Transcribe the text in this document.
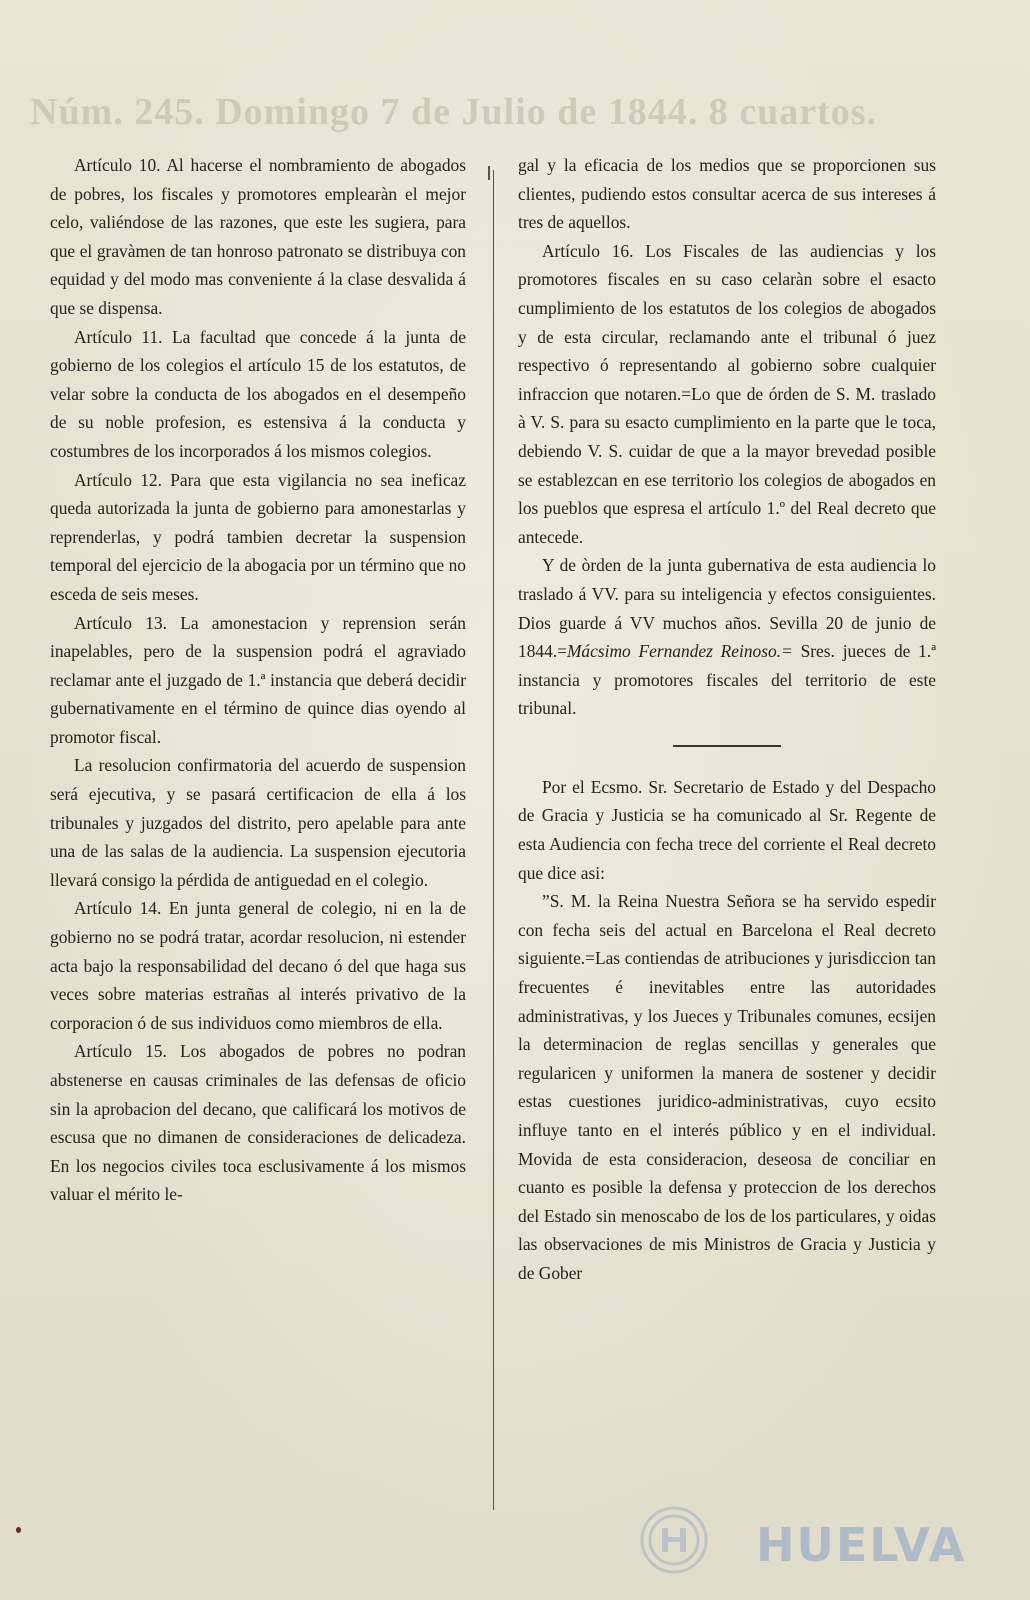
Núm. 245. Domingo 7 de Julio de 1844. 8 cuartos.

Artículo 10. Al hacerse el nombramiento de abogados de pobres, los fiscales y promotores emplearàn el mejor celo, valiéndose de las razones, que este les sugiera, para que el gravàmen de tan honroso patronato se distribuya con equidad y del modo mas conveniente á la clase desvalida á que se dispensa.

Artículo 11. La facultad que concede á la junta de gobierno de los colegios el artículo 15 de los estatutos, de velar sobre la conducta de los abogados en el desempeño de su noble profesion, es estensiva á la conducta y costumbres de los incorporados á los mismos colegios.

Artículo 12. Para que esta vigilancia no sea ineficaz queda autorizada la junta de gobierno para amonestarlas y reprenderlas, y podrá tambien decretar la suspension temporal del ejercicio de la abogacia por un término que no esceda de seis meses.

Artículo 13. La amonestacion y reprension serán inapelables, pero de la suspension podrá el agraviado reclamar ante el juzgado de 1.ª instancia que deberá decidir gubernativamente en el término de quince dias oyendo al promotor fiscal.

La resolucion confirmatoria del acuerdo de suspension será ejecutiva, y se pasará certificacion de ella á los tribunales y juzgados del distrito, pero apelable para ante una de las salas de la audiencia. La suspension ejecutoria llevará consigo la pérdida de antiguedad en el colegio.

Artículo 14. En junta general de colegio, ni en la de gobierno no se podrá tratar, acordar resolucion, ni estender acta bajo la responsabilidad del decano ó del que haga sus veces sobre materias estrañas al interés privativo de la corporacion ó de sus individuos como miembros de ella.

Artículo 15. Los abogados de pobres no podran abstenerse en causas criminales de las defensas de oficio sin la aprobacion del decano, que calificará los motivos de escusa que no dimanen de consideraciones de delicadeza. En los negocios civiles toca esclusivamente á los mismos valuar el mérito le-

gal y la eficacia de los medios que se proporcionen sus clientes, pudiendo estos consultar acerca de sus intereses á tres de aquellos.

Artículo 16. Los Fiscales de las audiencias y los promotores fiscales en su caso celaràn sobre el esacto cumplimiento de los estatutos de los colegios de abogados y de esta circular, reclamando ante el tribunal ó juez respectivo ó representando al gobierno sobre cualquier infraccion que notaren.=Lo que de órden de S. M. traslado à V. S. para su esacto cumplimiento en la parte que le toca, debiendo V. S. cuidar de que a la mayor brevedad posible se establezcan en ese territorio los colegios de abogados en los pueblos que espresa el artículo 1.º del Real decreto que antecede.

Y de òrden de la junta gubernativa de esta audiencia lo traslado á VV. para su inteligencia y efectos consiguientes. Dios guarde á VV muchos años. Sevilla 20 de junio de 1844.=Mácsimo Fernandez Reinoso.= Sres. jueces de 1.ª instancia y promotores fiscales del territorio de este tribunal.

Por el Ecsmo. Sr. Secretario de Estado y del Despacho de Gracia y Justicia se ha comunicado al Sr. Regente de esta Audiencia con fecha trece del corriente el Real decreto que dice asi:

”S. M. la Reina Nuestra Señora se ha servido espedir con fecha seis del actual en Barcelona el Real decreto siguiente.=Las contiendas de atribuciones y jurisdiccion tan frecuentes é inevitables entre las autoridades administrativas, y los Jueces y Tribunales comunes, ecsijen la determinacion de reglas sencillas y generales que regularicen y uniformen la manera de sostener y decidir estas cuestiones juridico-administrativas, cuyo ecsito influye tanto en el interés público y en el individual. Movida de esta consideracion, deseosa de conciliar en cuanto es posible la defensa y proteccion de los derechos del Estado sin menoscabo de los de los particulares, y oidas las observaciones de mis Ministros de Gracia y Justicia y de Gober

HUELVA
